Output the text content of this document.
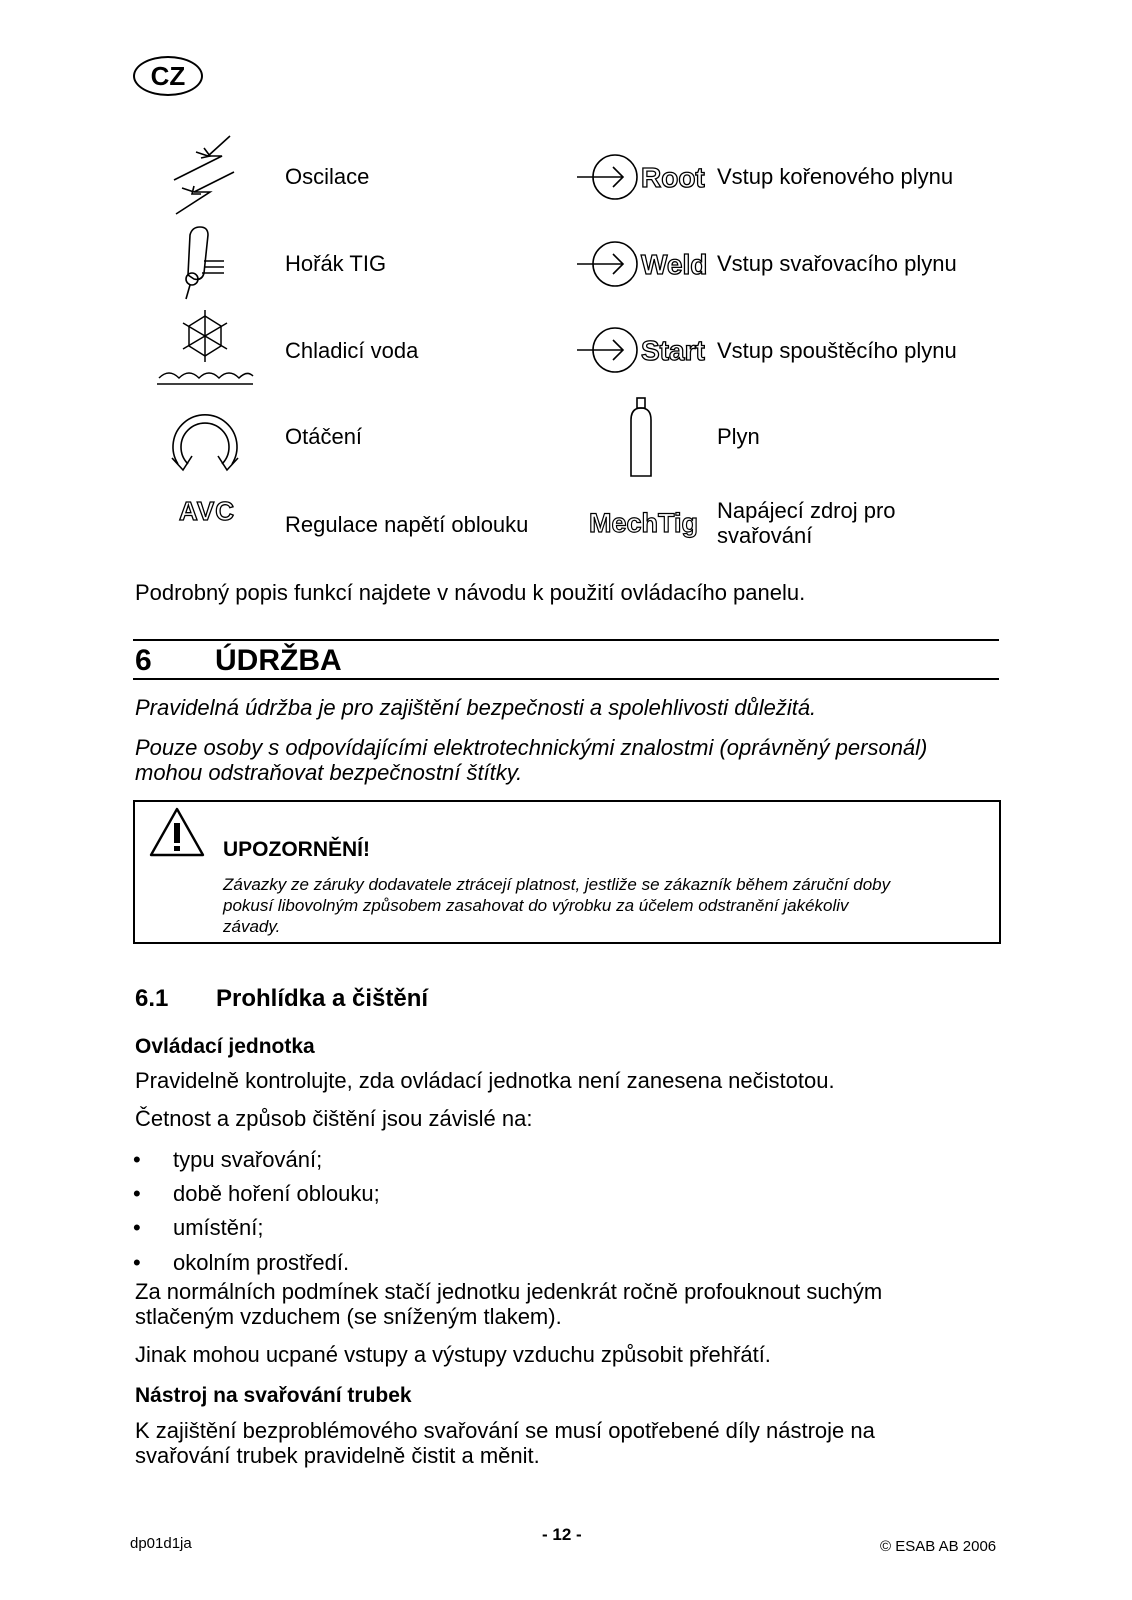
CZ
Oscilace
Hořák TIG
Chladicí voda
Otáčení
AVC Regulace napětí oblouku
Root Vstup kořenového plynu
Weld Vstup svařovacího plynu
Start Vstup spouštěcího plynu
Plyn
MechTig Napájecí zdroj pro
svařování
Podrobný popis funkcí najdete v návodu k použití ovládacího panelu.
6 ÚDRŽBA
Pravidelná údržba je pro zajištění bezpečnosti a spolehlivosti důležitá.
Pouze osoby s odpovídajícími elektrotechnickými znalostmi (oprávněný personál)
mohou odstraňovat bezpečnostní štítky.
UPOZORNĚNÍ!
Závazky ze záruky dodavatele ztrácejí platnost, jestliže se zákazník během záruční doby
pokusí libovolným způsobem zasahovat do výrobku za účelem odstranění jakékoliv
závady.
6.1 Prohlídka a čištění
Ovládací jednotka
Pravidelně kontrolujte, zda ovládací jednotka není zanesena nečistotou.
Četnost a způsob čištění jsou závislé na:
• typu svařování;
• době hoření oblouku;
• umístění;
• okolním prostředí.
Za normálních podmínek stačí jednotku jedenkrát ročně profouknout suchým
stlačeným vzduchem (se sníženým tlakem).
Jinak mohou ucpané vstupy a výstupy vzduchu způsobit přehřátí.
Nástroj na svařování trubek
K zajištění bezproblémového svařování se musí opotřebené díly nástroje na
svařování trubek pravidelně čistit a měnit.
dp01d1ja	- 12 -
© ESAB AB 2006
